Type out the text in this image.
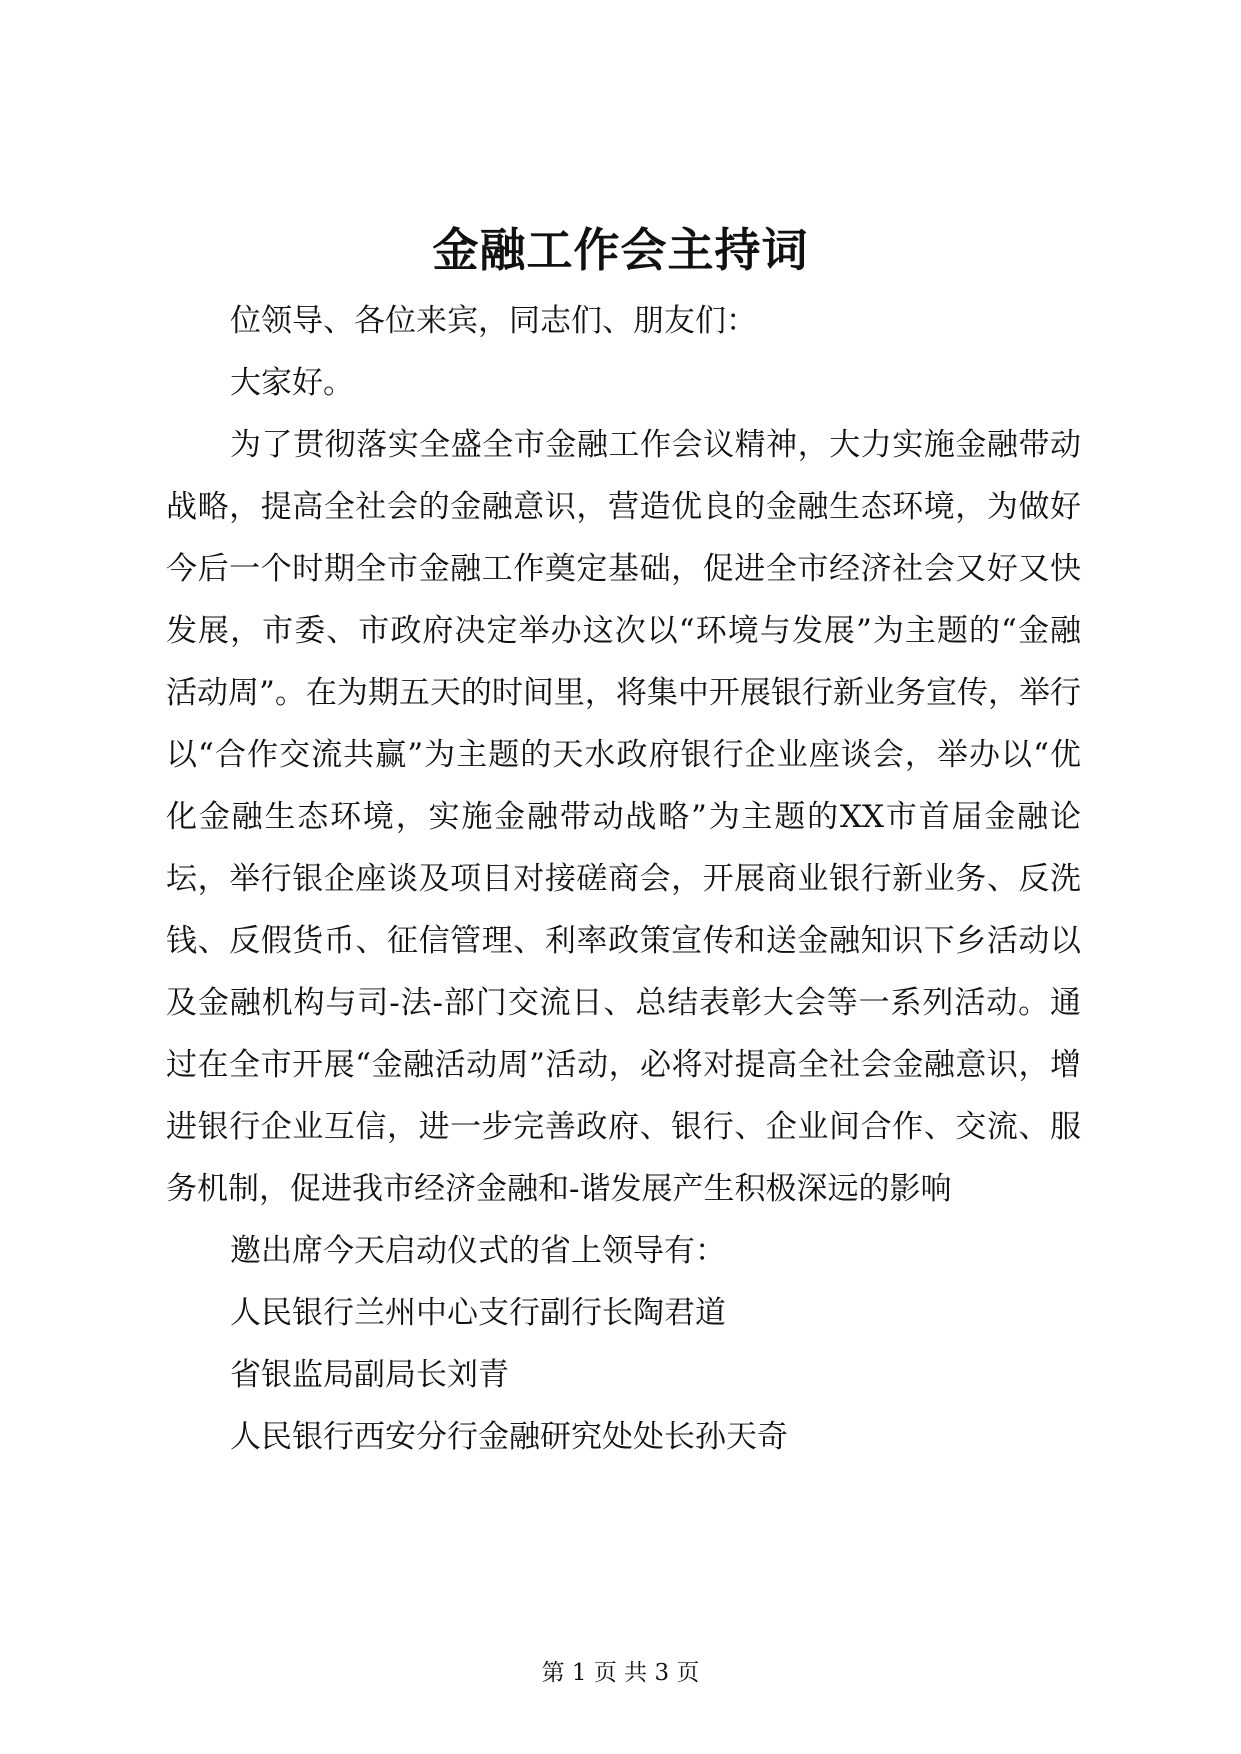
金融工作会主持词

位领导、各位来宾，同志们、朋友们：

大家好。

为了贯彻落实全盛全市金融工作会议精神，大力实施金融带动战略，提高全社会的金融意识，营造优良的金融生态环境，为做好今后一个时期全市金融工作奠定基础，促进全市经济社会又好又快发展，市委、市政府决定举办这次以“环境与发展”为主题的“金融活动周”。在为期五天的时间里，将集中开展银行新业务宣传，举行以“合作交流共赢”为主题的天水政府银行企业座谈会，举办以“优化金融生态环境，实施金融带动战略”为主题的XX市首届金融论坛，举行银企座谈及项目对接磋商会，开展商业银行新业务、反洗钱、反假货币、征信管理、利率政策宣传和送金融知识下乡活动以及金融机构与司-法-部门交流日、总结表彰大会等一系列活动。通过在全市开展“金融活动周”活动，必将对提高全社会金融意识，增进银行企业互信，进一步完善政府、银行、企业间合作、交流、服务机制，促进我市经济金融和-谐发展产生积极深远的影响

邀出席今天启动仪式的省上领导有：

人民银行兰州中心支行副行长陶君道

省银监局副局长刘青

人民银行西安分行金融研究处处长孙天奇

第 1 页 共 3 页
